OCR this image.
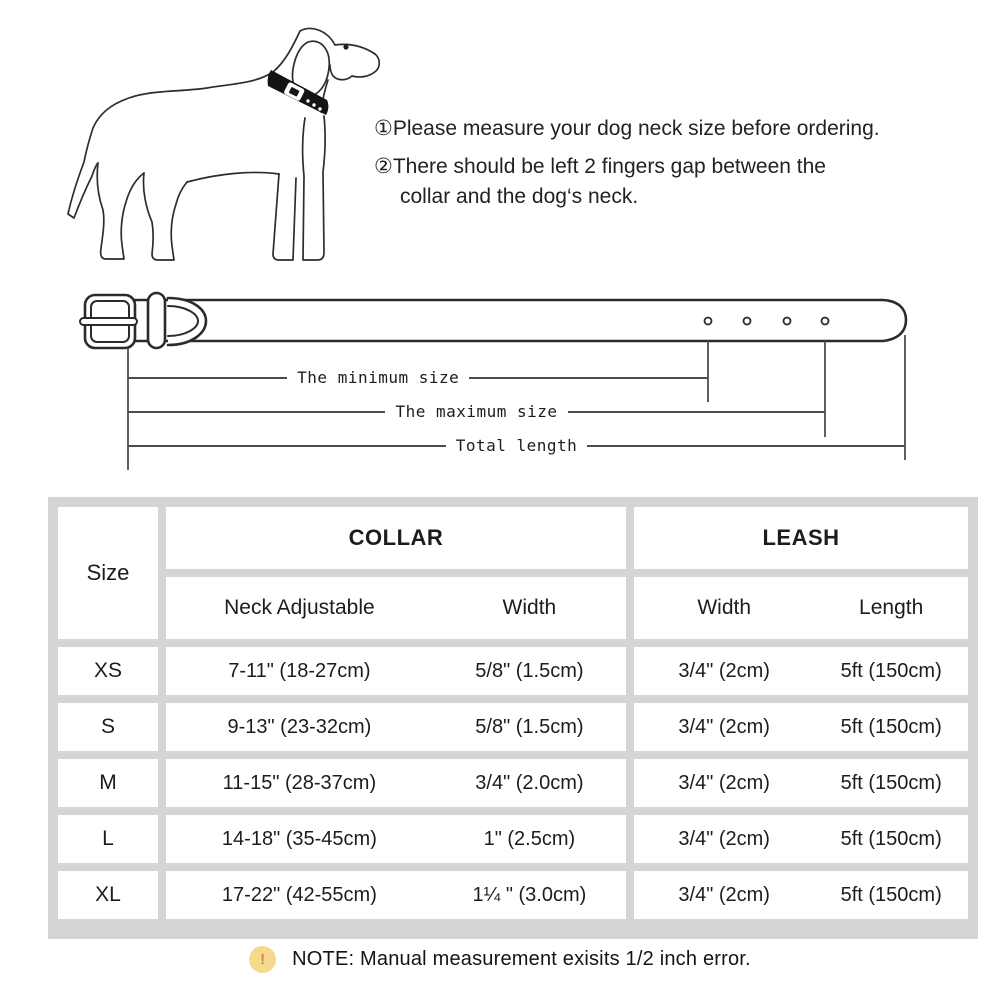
①Please measure your dog neck size before ordering.
②There should be left 2 fingers gap between the
collar and the dog‘s neck.
The minimum size
The maximum size
Total length
Size
COLLAR	LEASH
Neck Adjustable	Width	Width	Length
XS	7-11" (18-27cm)	5/8" (1.5cm)	3/4" (2cm)	5ft (150cm)
S	9-13" (23-32cm)	5/8" (1.5cm)	3/4" (2cm)	5ft (150cm)
M	11-15" (28-37cm)	3/4" (2.0cm)	3/4" (2cm)	5ft (150cm)
L	14-18" (35-45cm)	1" (2.5cm)	3/4" (2cm)	5ft (150cm)
XL	17-22" (42-55cm)	1¼ " (3.0cm)	3/4" (2cm)	5ft (150cm)
!	NOTE: Manual measurement exisits 1/2 inch error.
